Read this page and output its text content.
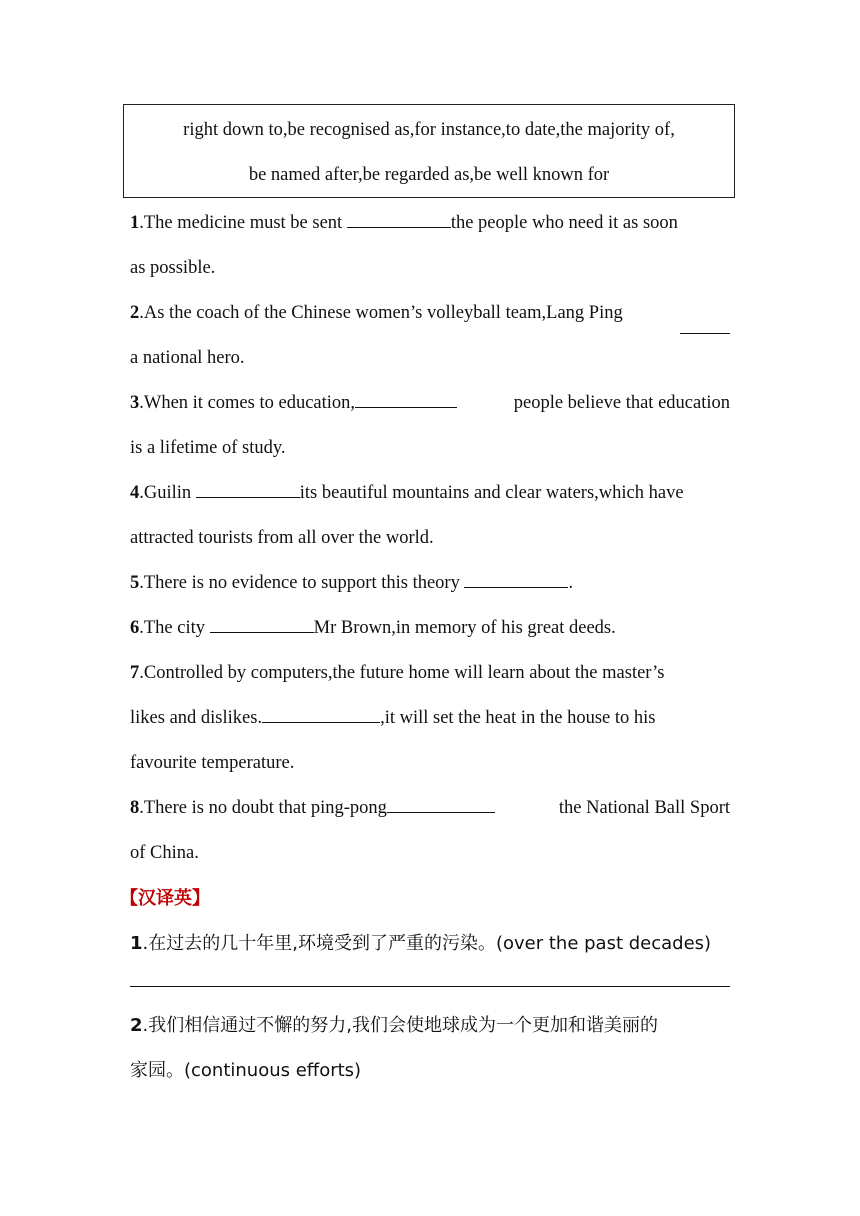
right down to,be recognised as,for instance,to date,the majority of,
be named after,be regarded as,be well known for
1.The medicine must be sent	the people who need it as soon
as possible.
2.As the coach of the Chinese women’s volleyball team,Lang Ping
a national hero.
3.When it comes to education,	people believe that education
is a lifetime of study.
4.Guilin	its beautiful mountains and clear waters,which have
attracted tourists from all over the world.
5.There is no evidence to support this theory	.
6.The city	Mr Brown,in memory of his great deeds.
7.Controlled by computers,the future home will learn about the master’s
likes and dislikes.	,it will set the heat in the house to his
favourite temperature.
8.There is no doubt that ping-pong	the National Ball Sport
of China.
【汉译英】
1.在过去的几十年里,环境受到了严重的污染。(over the past decades)
2.我们相信通过不懈的努力,我们会使地球成为一个更加和谐美丽的
家园。(continuous efforts)
